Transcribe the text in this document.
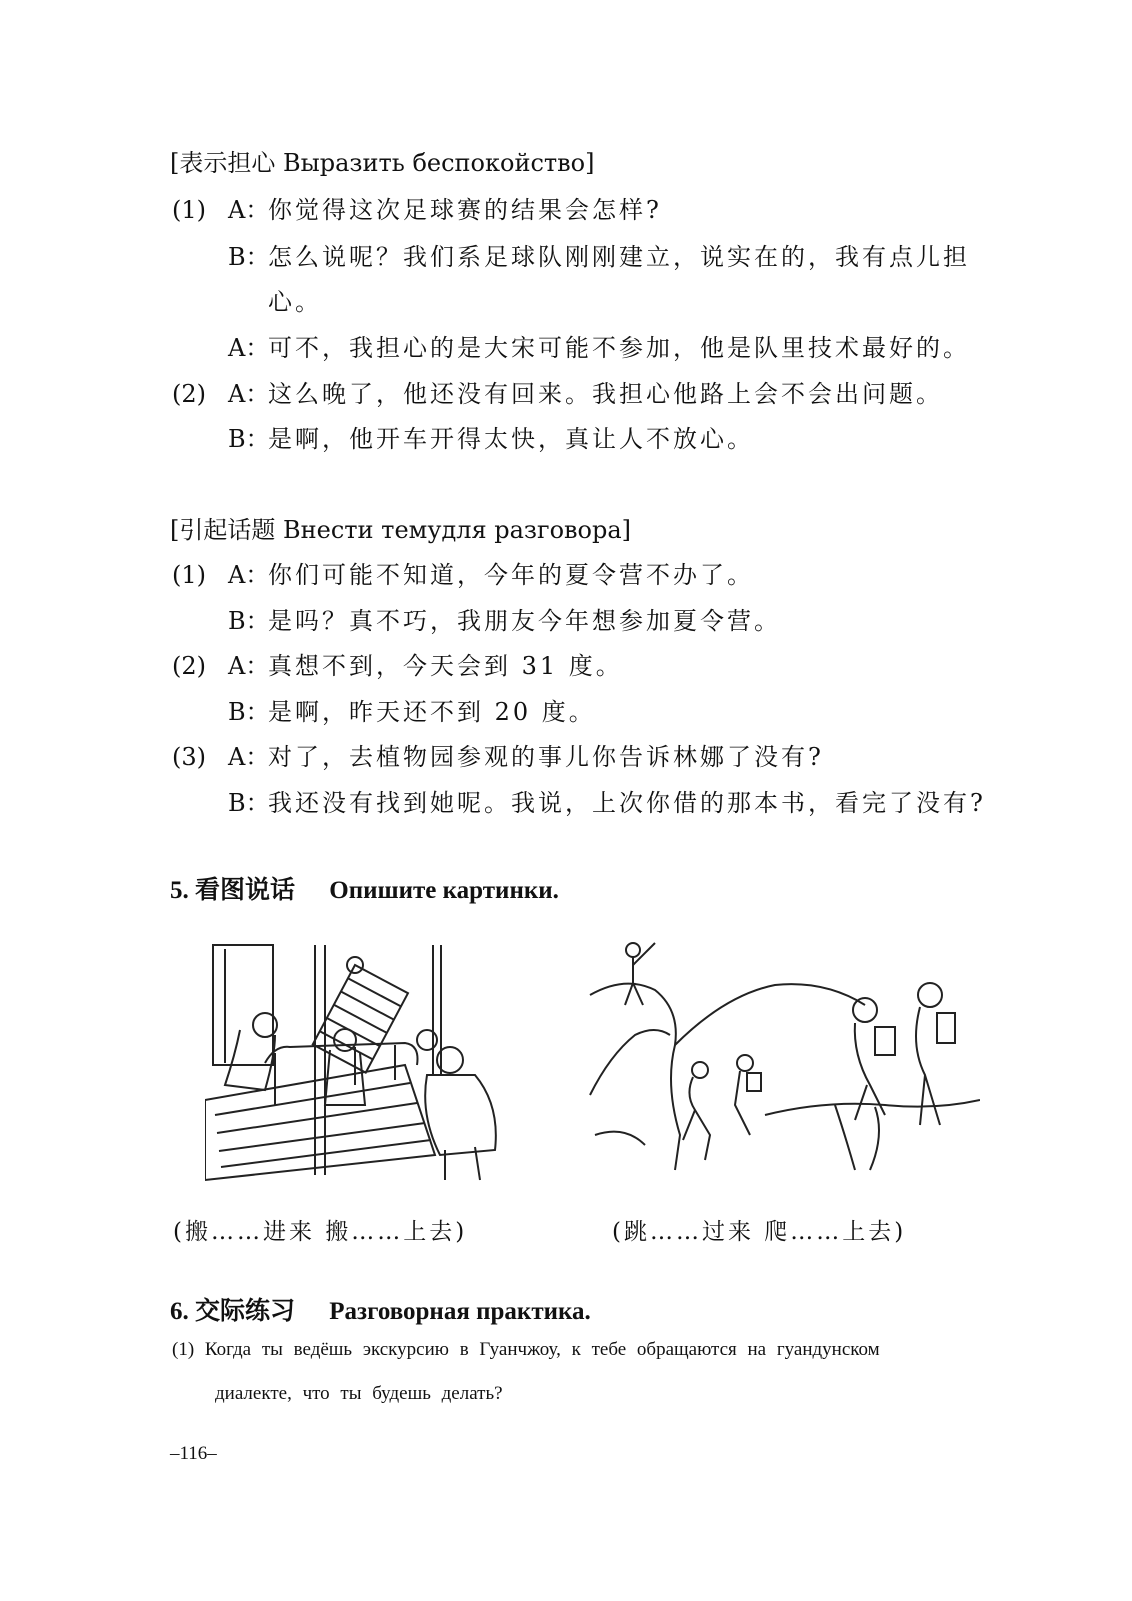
[表示担心 Выразить беспокойство]
(1) A：你觉得这次足球赛的结果会怎样?
B：怎么说呢？我们系足球队刚刚建立，说实在的，我有点儿担
心。
A：可不，我担心的是大宋可能不参加，他是队里技术最好的。
(2) A：这么晚了，他还没有回来。我担心他路上会不会出问题。
B：是啊，他开车开得太快，真让人不放心。
[引起话题 Внести темудля разговора]
(1) A：你们可能不知道，今年的夏令营不办了。
B：是吗？真不巧，我朋友今年想参加夏令营。
(2) A：真想不到，今天会到 31 度。
B：是啊，昨天还不到 20 度。
(3) A：对了，去植物园参观的事儿你告诉林娜了没有?
B：我还没有找到她呢。我说，上次你借的那本书，看完了没有?
5. 看图说话 Опишите картинки.
(搬……进来 搬……上去)	(跳……过来 爬……上去)
6. 交际练习 Разговорная практика.
(1) Когда ты ведёшь экскурсию в Гуанчжоу, к тебе обращаются на гуандунском
диалекте, что ты будешь делать?
–116–
